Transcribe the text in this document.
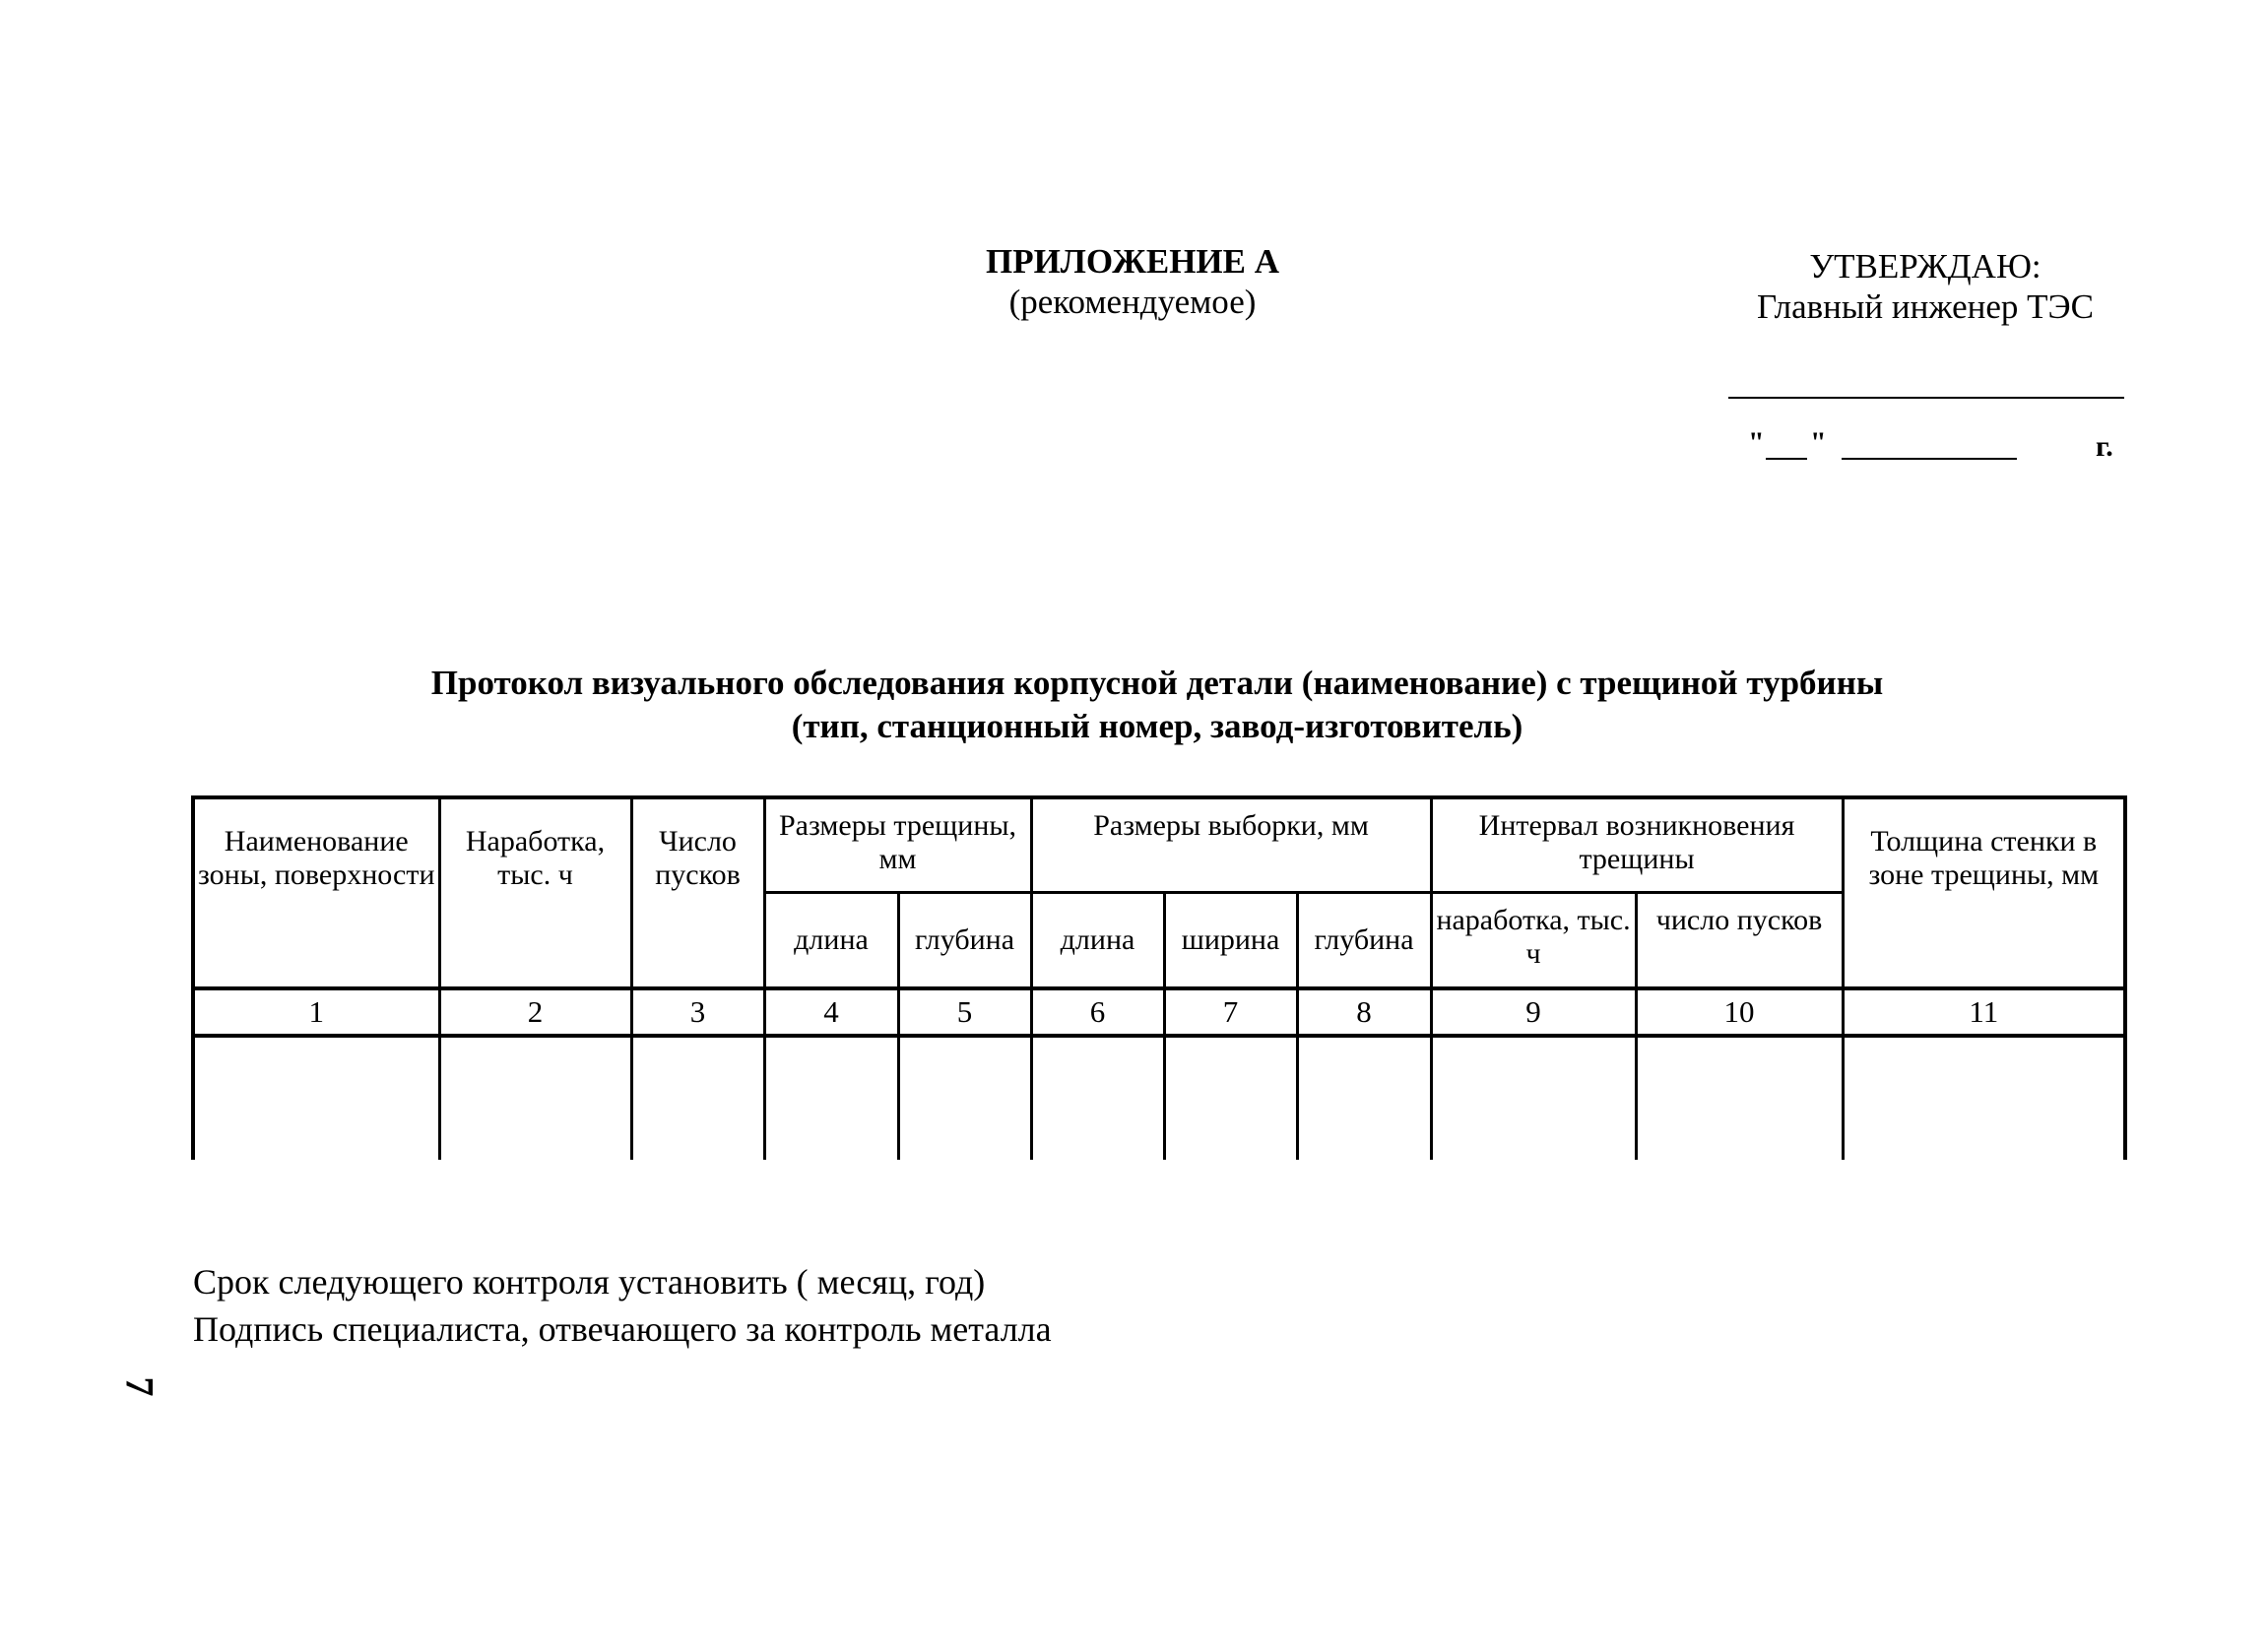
ПРИЛОЖЕНИЕ А
(рекомендуемое)
УТВЕРЖДАЮ:
Главный инженер ТЭС
" "	г.
Протокол визуального обследования корпусной детали (наименование) с трещиной турбины
(тип, станционный номер, завод-изготовитель)
Наименование зоны, поверхности	Наработка, тыс. ч	Число пусков	Размеры трещины, мм		Размеры выборки, мм			Интервал возникновения трещины		Толщина стенки в зоне трещины, мм
			длина	глубина	длина	ширина	глубина	наработка, тыс. ч	число пусков	
1	2	3	4	5	6	7	8	9	10	11

Срок следующего контроля установить ( месяц, год)
Подпись специалиста, отвечающего за контроль металла
7
